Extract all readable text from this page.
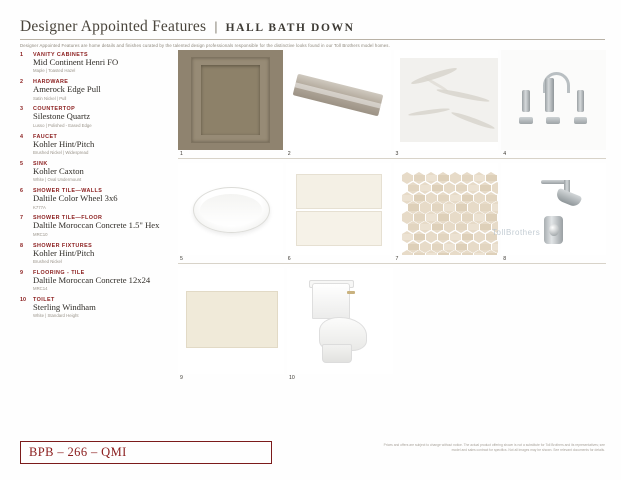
Designer Appointed Features | HALL BATH DOWN
Designer Appointed Features are home details and finishes curated by the talented design professionals responsible for the distinctive looks found in our Toll Brothers model homes.
1	VANITY CABINETS
Mid Continent Henri FO
Maple | Toasted Hazel
2	HARDWARE
Amerock Edge Pull
Satin Nickel | Pull
3	COUNTERTOP
Silestone Quartz
Lusso | Polished - Eased Edge
4	FAUCET
Kohler Hint/Pitch
Brushed Nickel | Widespread
5	SINK
Kohler Caxton
White | Oval Undermount
6	SHOWER TILE—WALLS
Daltile Color Wheel 3x6
K777A
7	SHOWER TILE—FLOOR
Daltile Moroccan Concrete 1.5" Hex
MRC10
8	SHOWER FIXTURES
Kohler Hint/Pitch
Brushed Nickel
9	FLOORING - TILE
Daltile Moroccan Concrete 12x24
MRC14
10	TOILET
Sterling Windham
White | Standard Height
1	2	3	4
5	6	7	8
9	10
TollBrothers
BPB – 266 – QMI	Prices and offers are subject to change without notice. The actual product offering shown is not a substitute for Toll Brothers and its representatives; see model and sales contract for specifics. Not all images may be shown. See relevant documents for details.
